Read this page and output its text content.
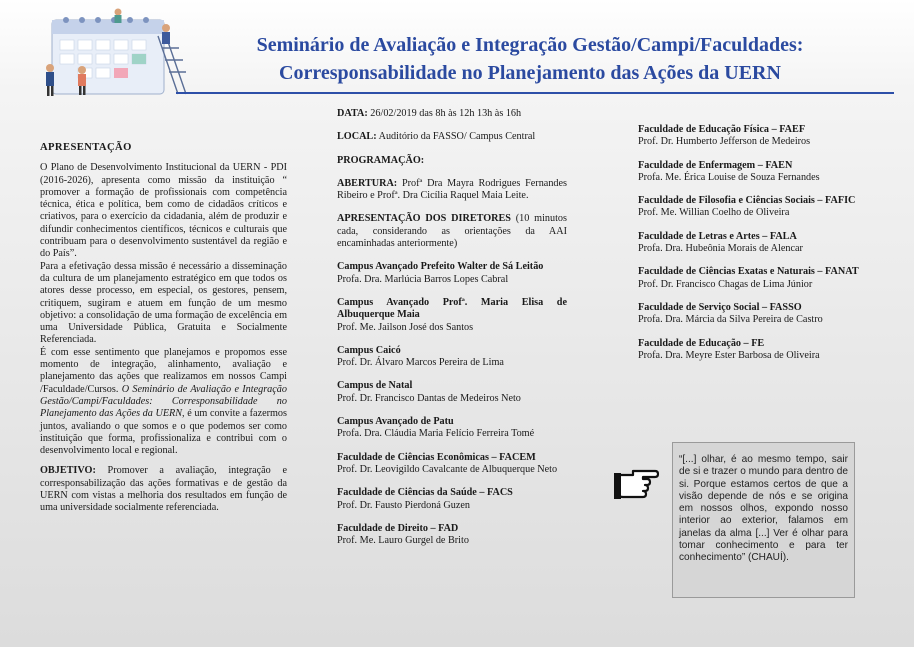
Seminário de Avaliação e Integração Gestão/Campi/Faculdades:
Corresponsabilidade no Planejamento das Ações da UERN
APRESENTAÇÃO

O Plano de Desenvolvimento Institucional da UERN - PDI (2016-2026), apresenta como missão da instituição “ promover a formação de profissionais com competência técnica, ética e política, bem como de cidadãos críticos e criativos, para o exercício da cidadania, além de produzir e difundir conhecimentos científicos, técnicos e culturais que contribuam para o desenvolvimento sustentável da região e do País”.

Para a efetivação dessa missão é necessário a disseminação da cultura de um planejamento estratégico em que todos os atores desse processo, em especial, os gestores, pensem, critiquem, sugiram e atuem em função de um mesmo objetivo: a consolidação de uma formação de excelência em uma Universidade Pública, Gratuita e Socialmente Referenciada.

É com esse sentimento que planejamos e propomos esse momento de integração, alinhamento, avaliação e planejamento das ações que realizamos em nossos Campi /Faculdade/Cursos. O Seminário de Avaliação e Integração Gestão/Campi/Faculdades: Corresponsabilidade no Planejamento das Ações da UERN, é um convite a fazermos juntos, avaliando o que somos e o que podemos ser como instituição que forma, profissionaliza e contribui com o desenvolvimento local e regional.

OBJETIVO: Promover a avaliação, integração e corresponsabilização das ações formativas e de gestão da UERN com vistas a melhoria dos resultados em função de uma universidade socialmente referenciada.

DATA: 26/02/2019 das 8h às 12h 13h às 16h
LOCAL: Auditório da FASSO/ Campus Central
PROGRAMAÇÃO:

ABERTURA: Profª Dra Mayra Rodrigues Fernandes Ribeiro e Profª. Dra Cicília Raquel Maia Leite.

APRESENTAÇÃO DOS DIRETORES (10 minutos cada, considerando as orientações da AAI encaminhadas anteriormente)

Campus Avançado Prefeito Walter de Sá Leitão
Profa. Dra. Marlúcia Barros Lopes Cabral
Campus Avançado Profª. Maria Elisa de Albuquerque Maia
Prof. Me. Jailson José dos Santos
Campus Caicó
Prof. Dr. Álvaro Marcos Pereira de Lima
Campus de Natal
Prof. Dr. Francisco Dantas de Medeiros Neto
Campus Avançado de Patu
Profa. Dra. Cláudia Maria Felício Ferreira Tomé
Faculdade de Ciências Econômicas – FACEM
Prof. Dr. Leovigildo Cavalcante de Albuquerque Neto
Faculdade de Ciências da Saúde – FACS
Prof. Dr. Fausto Pierdoná Guzen
Faculdade de Direito – FAD
Prof. Me. Lauro Gurgel de Brito
Faculdade de Educação Física – FAEF
Prof. Dr. Humberto Jefferson de Medeiros
Faculdade de Enfermagem – FAEN
Profa. Me. Érica Louise de Souza Fernandes
Faculdade de Filosofia e Ciências Sociais – FAFIC
Prof. Me. Willian Coelho de Oliveira
Faculdade de Letras e Artes – FALA
Profa. Dra. Hubeônia Morais de Alencar
Faculdade de Ciências Exatas e Naturais – FANAT
Prof. Dr. Francisco Chagas de Lima Júnior
Faculdade de Serviço Social – FASSO
Profa. Dra. Márcia da Silva Pereira de Castro
Faculdade de Educação – FE
Profa. Dra. Meyre Ester Barbosa de Oliveira
“[...] olhar, é ao mesmo tempo, sair de si e trazer o mundo para dentro de si. Porque estamos certos de que a visão depende de nós e se origina em nossos olhos, expondo nosso interior ao exterior, falamos em janelas da alma [...] Ver é olhar para tomar conhecimento e para ter conhecimento” (CHAUÍ).
